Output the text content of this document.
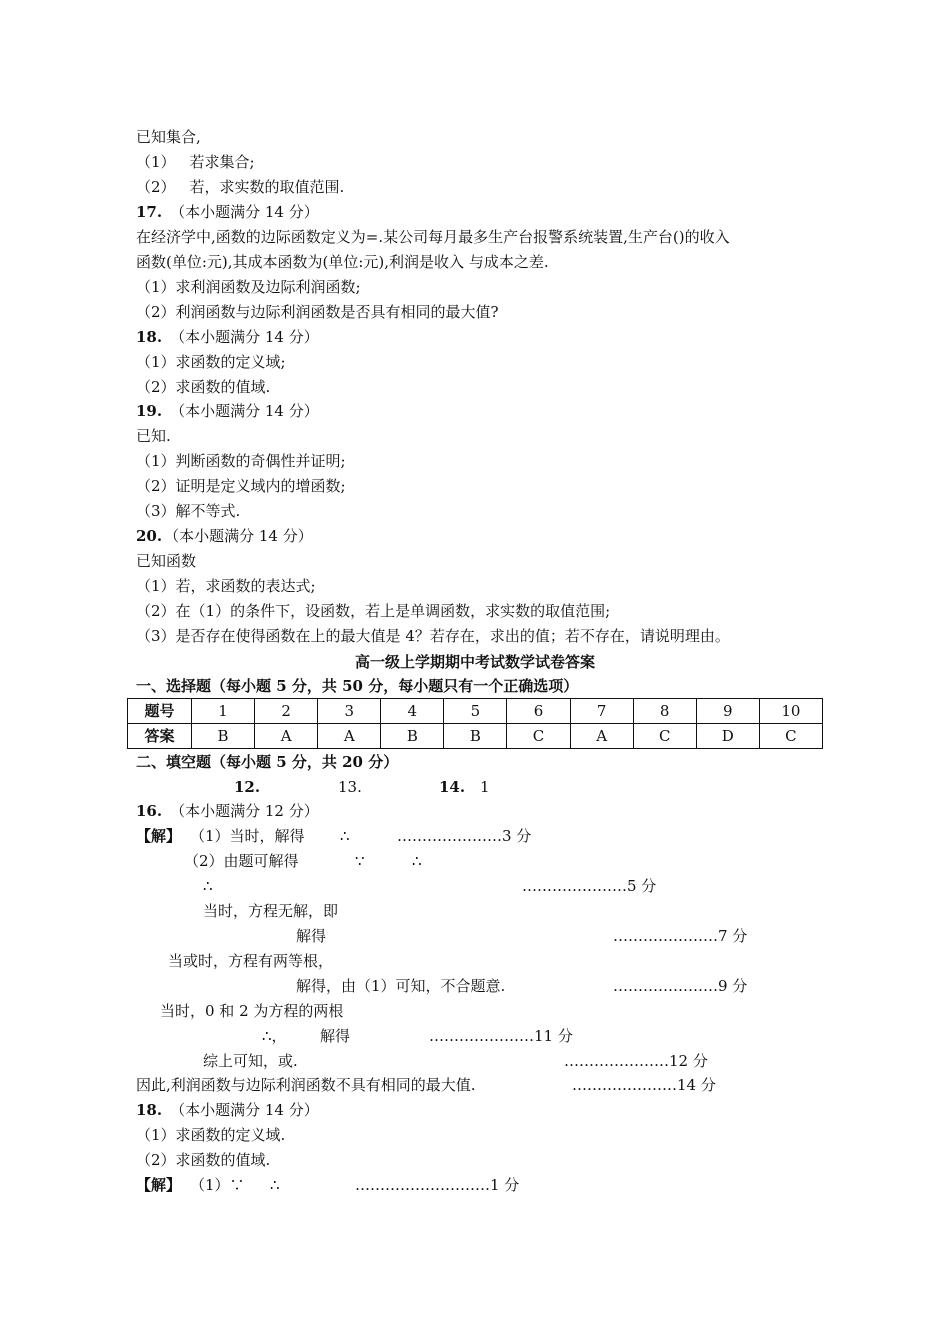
已知集合,
（1） 若求集合;
（2） 若，求实数的取值范围.
17. （本小题满分 14 分）
在经济学中,函数的边际函数定义为=.某公司每月最多生产台报警系统装置,生产台()的收入
函数(单位:元),其成本函数为(单位:元),利润是收入 与成本之差.
（1）求利润函数及边际利润函数;
（2）利润函数与边际利润函数是否具有相同的最大值?
18. （本小题满分 14 分）
（1）求函数的定义域;
（2）求函数的值域.
19. （本小题满分 14 分）
已知.
（1）判断函数的奇偶性并证明;
（2）证明是定义域内的增函数;
（3）解不等式.
20. （本小题满分 14 分）
已知函数
（1）若，求函数的表达式;
（2）在（1）的条件下，设函数，若上是单调函数，求实数的取值范围;
（3）是否存在使得函数在上的最大值是 4？若存在，求出的值；若不存在，请说明理由。
高一级上学期期中考试数学试卷答案
一、选择题（每小题 5 分，共 50 分，每小题只有一个正确选项）
题号	1	2	3	4	5	6	7	8	9	10
答案	B	A	A	B	B	C	A	C	D	C
二、填空题（每小题 5 分，共 20 分）
12.	13.	14. 1
16. （本小题满分 12 分）
【解】 （1）当时，解得 ∴	…………………3 分
（2）由题可解得	∵	∴
∴	…………………5 分
当时，方程无解，即
解得	…………………7 分
当或时，方程有两等根，
解得，由（1）可知，不合题意.	…………………9 分
当时，0 和 2 为方程的两根
∴， 解得	…………………11 分
综上可知，或.	…………………12 分
因此,利润函数与边际利润函数不具有相同的最大值.	…………………14 分
18. （本小题满分 14 分）
（1）求函数的定义域.
（2）求函数的值域.
【解】 （1）∵ ∴	………………………1 分
